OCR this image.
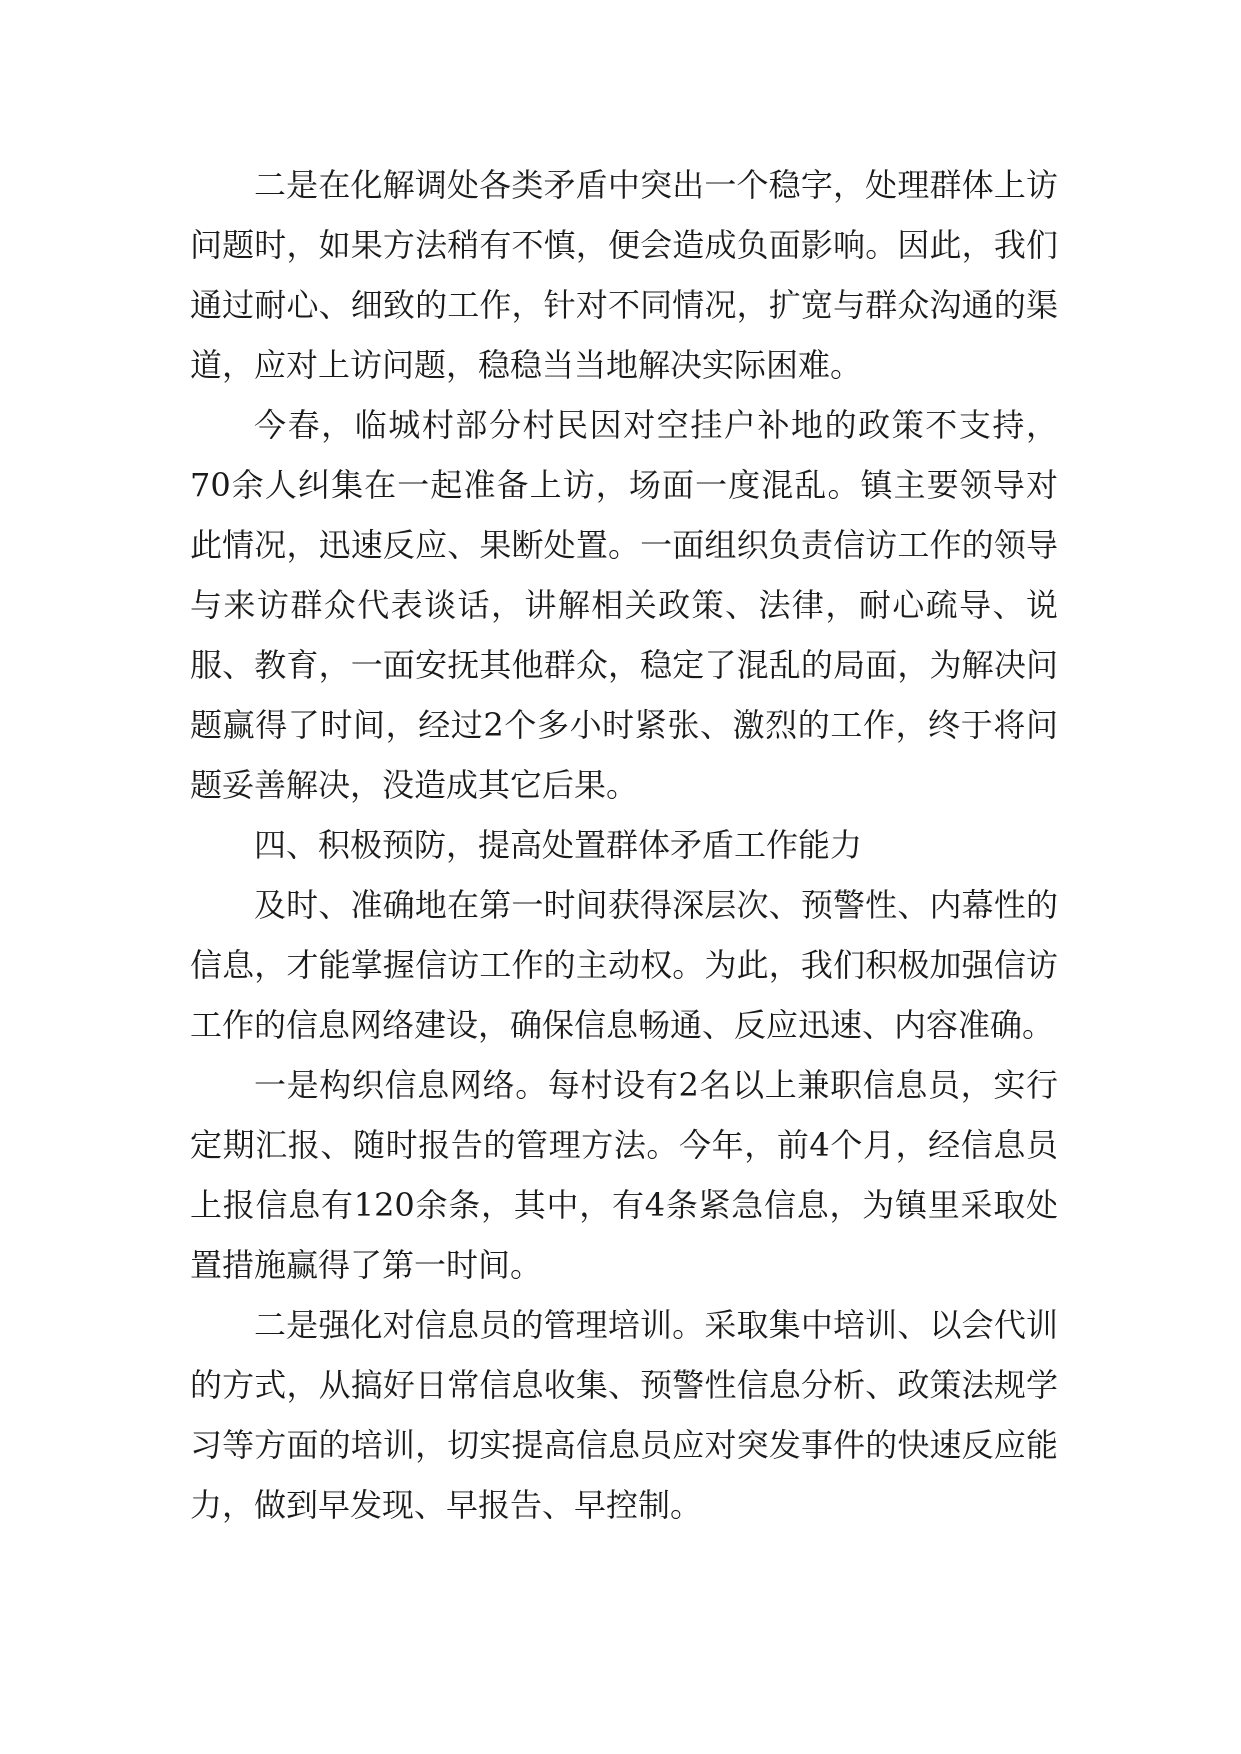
二是在化解调处各类矛盾中突出一个稳字，处理群体上访问题时，如果方法稍有不慎，便会造成负面影响。因此，我们通过耐心、细致的工作，针对不同情况，扩宽与群众沟通的渠道，应对上访问题，稳稳当当地解决实际困难。

今春，临城村部分村民因对空挂户补地的政策不支持，70余人纠集在一起准备上访，场面一度混乱。镇主要领导对此情况，迅速反应、果断处置。一面组织负责信访工作的领导与来访群众代表谈话，讲解相关政策、法律，耐心疏导、说服、教育，一面安抚其他群众，稳定了混乱的局面，为解决问题赢得了时间，经过2个多小时紧张、激烈的工作，终于将问题妥善解决，没造成其它后果。

四、积极预防，提高处置群体矛盾工作能力

及时、准确地在第一时间获得深层次、预警性、内幕性的信息，才能掌握信访工作的主动权。为此，我们积极加强信访工作的信息网络建设，确保信息畅通、反应迅速、内容准确。

一是构织信息网络。每村设有2名以上兼职信息员，实行定期汇报、随时报告的管理方法。今年，前4个月，经信息员上报信息有120余条，其中，有4条紧急信息，为镇里采取处置措施赢得了第一时间。

二是强化对信息员的管理培训。采取集中培训、以会代训的方式，从搞好日常信息收集、预警性信息分析、政策法规学习等方面的培训，切实提高信息员应对突发事件的快速反应能力，做到早发现、早报告、早控制。
